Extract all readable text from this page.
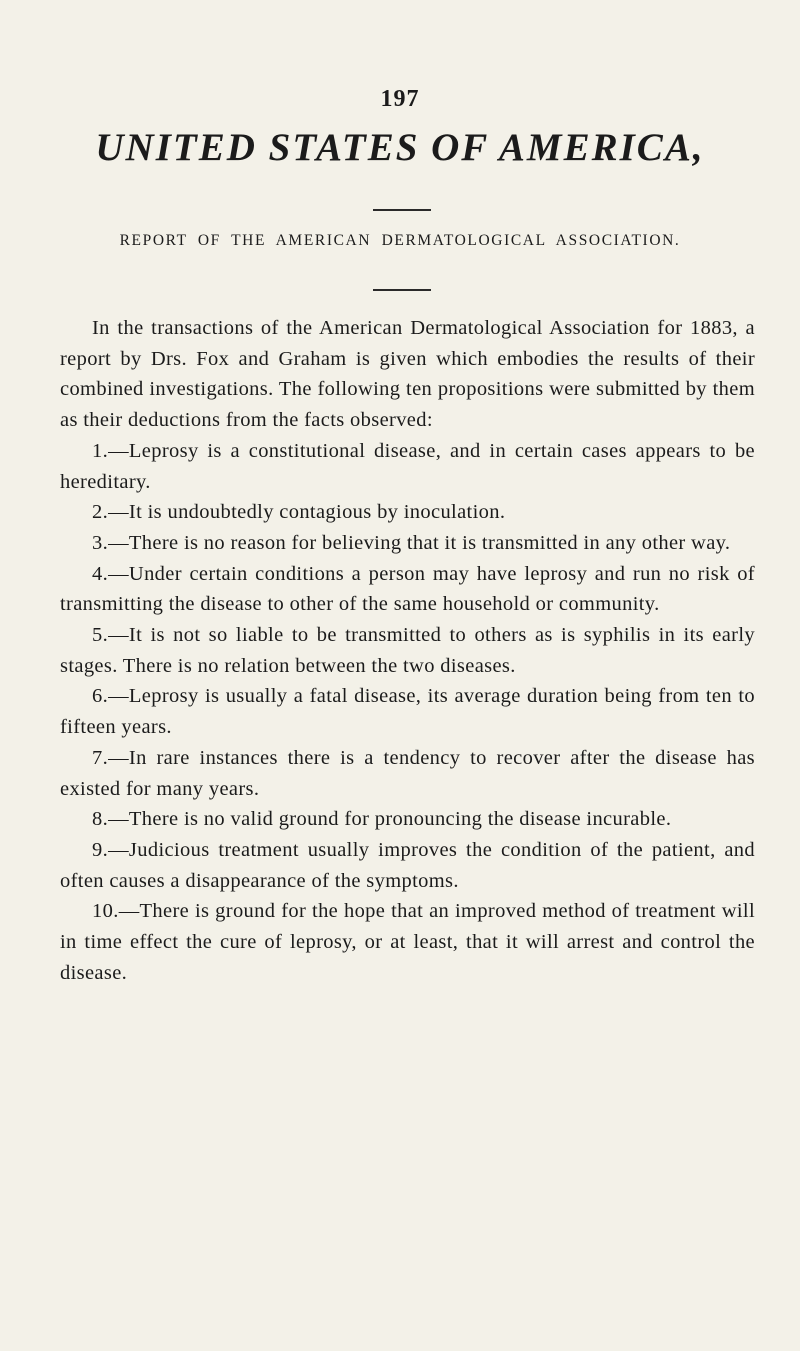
197
UNITED STATES OF AMERICA,
REPORT OF THE AMERICAN DERMATOLOGICAL ASSOCIATION.

In the transactions of the American Dermatological Association for 1883, a report by Drs. Fox and Graham is given which embodies the results of their combined investigations. The following ten propositions were submitted by them as their deductions from the facts observed:

1.—Leprosy is a constitutional disease, and in certain cases appears to be hereditary.

2.—It is undoubtedly contagious by inoculation.

3.—There is no reason for believing that it is transmitted in any other way.

4.—Under certain conditions a person may have leprosy and run no risk of transmitting the disease to other of the same household or community.

5.—It is not so liable to be transmitted to others as is syphilis in its early stages. There is no relation between the two diseases.

6.—Leprosy is usually a fatal disease, its average duration being from ten to fifteen years.

7.—In rare instances there is a tendency to recover after the disease has existed for many years.

8.—There is no valid ground for pronouncing the disease incurable.

9.—Judicious treatment usually improves the condition of the patient, and often causes a disappearance of the symptoms.

10.—There is ground for the hope that an improved method of treatment will in time effect the cure of leprosy, or at least, that it will arrest and control the disease.
